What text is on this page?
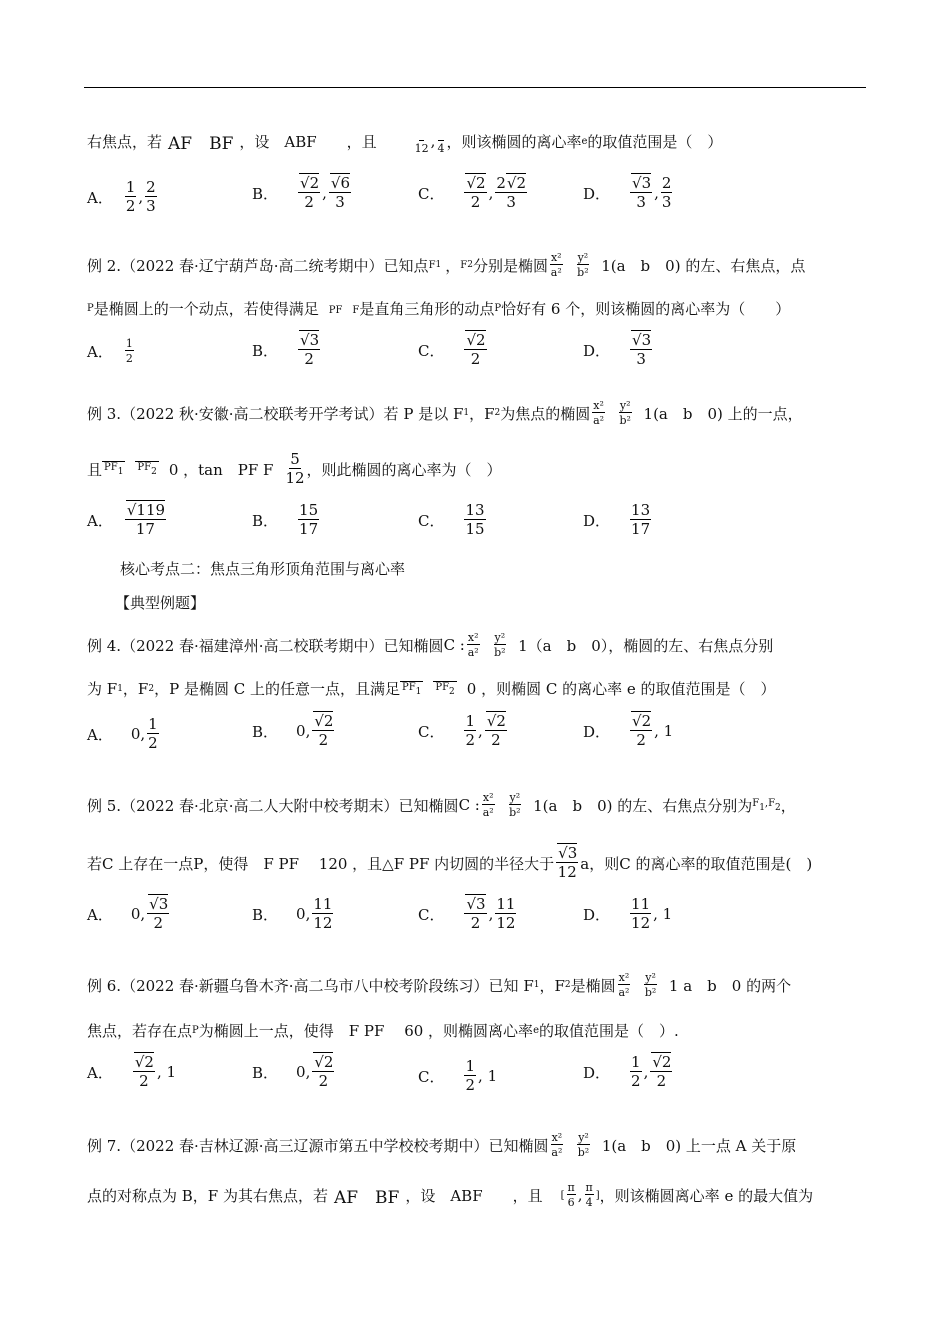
右焦点，若 AF　BF ，设　ABF　　，且
	12 ,
4 ，则该椭圆的离心率 e 的取值范围是（　）
A． $\frac{1}{2}$ , $\frac{2}{3}$	B． √ $\frac{2}{2}$ , √ $\frac{6}{3}$	C． √ $\frac{2}{2}$ , $\frac{2 √ 2}{3}$	D． √ $\frac{3}{3}$ , $\frac{2}{3}$
例 2.（2022 春·辽宁葫芦岛·高二统考期中）已知点 F 1 ， F 2 分别是椭圆 $\frac{\text{x²}}{\text{a²}} \frac{\text{y²}}{\text{b²}} 1(a$　b　0) 的左、右焦点，点
P 是椭圆上的一个动点，若使得满足 PF　F 是直角三角形的动点 P 恰好有 6 个，则该椭圆的离心率为（　　）
A． $\frac{1}{2}$	B． √ $\frac{3}{2}$	C． √ $\frac{2}{2}$	D． √ $\frac{3}{3}$
例 3.（2022 秋·安徽·高二校联考开学考试）若 P 是以 F 1 ，F 2 为焦点的椭圆 $\frac{\text{x²}}{\text{a²}} \frac{\text{y²}}{\text{b²}} 1(a$　b　0) 上的一点，
且 PF1 PF2 0 ，tan　PF F $\frac{5}{12}$ ，则此椭圆的离心率为（　）
A． √ $\frac{119}{17}$	B． $\frac{15}{17}$	C． $\frac{13}{15}$	D． $\frac{13}{17}$
核心考点二：焦点三角形顶角范围与离心率
【典型例题】
例 4.（2022 春·福建漳州·高二校联考期中）已知椭圆 C : $\frac{\text{x²}}{\text{a²}} \frac{\text{y²}}{\text{b²}} 1(a$　b　0），椭圆的左、右焦点分别
为 F 1 ，F 2 ，P 是椭圆 C 上的任意一点，且满足 PF1 PF2 0 ，则椭圆 C 的离心率 e 的取值范围是（　）
A． 0, $\frac{1}{2}$	B． 0, √ $\frac{2}{2}$	C． $\frac{1}{2}$ , √ $\frac{2}{2}$	D． √ $\frac{2}{2}$ , 1
例 5.（2022 春·北京·高二人大附中校考期末）已知椭圆 C : $\frac{\text{x²}}{\text{a²}} \frac{\text{y²}}{\text{b²}} 1(a$　b　0) 的左、右焦点分别为 F1,F2 ，
若C 上存在一点P，使得　F PF　 120 ，且△F PF 内切圆的半径大于 √ $\frac{3}{12}$ a，则C 的离心率的取值范围是(　)
A． 0, √ $\frac{3}{2}$	B． 0, $\frac{11}{12}$	C． √ $\frac{3}{2}$ , $\frac{11}{12}$	D． $\frac{11}{12}$ , 1
例 6.（2022 春·新疆乌鲁木齐·高二乌市八中校考阶段练习）已知 F 1 ，F 2 是椭圆 $\frac{\text{x²}}{\text{a²}} \frac{\text{y²}}{\text{b²}} 1$ a　b　0 的两个
焦点，若存在点 P 为椭圆上一点，使得　F PF　 60 ，则椭圆离心率 e 的取值范围是（　）.
A． √ $\frac{2}{2}$ , 1	B． 0, √ $\frac{2}{2}$	C． $\frac{1}{2}$ , 1	D． $\frac{1}{2}$ , √ $\frac{2}{2}$
例 7.（2022 春·吉林辽源·高三辽源市第五中学校校考期中）已知椭圆 $\frac{\text{x²}}{\text{a²}} \frac{\text{y²}}{\text{b²}} 1(a$　b　0) 上一点 A 关于原
点的对称点为 B，F 为其右焦点，若 AF　BF ，设　ABF　　，且 [ $\frac{\pi}{6}$ , $\frac{\pi}{4}$ ] ，则该椭圆离心率 e 的最大值为
